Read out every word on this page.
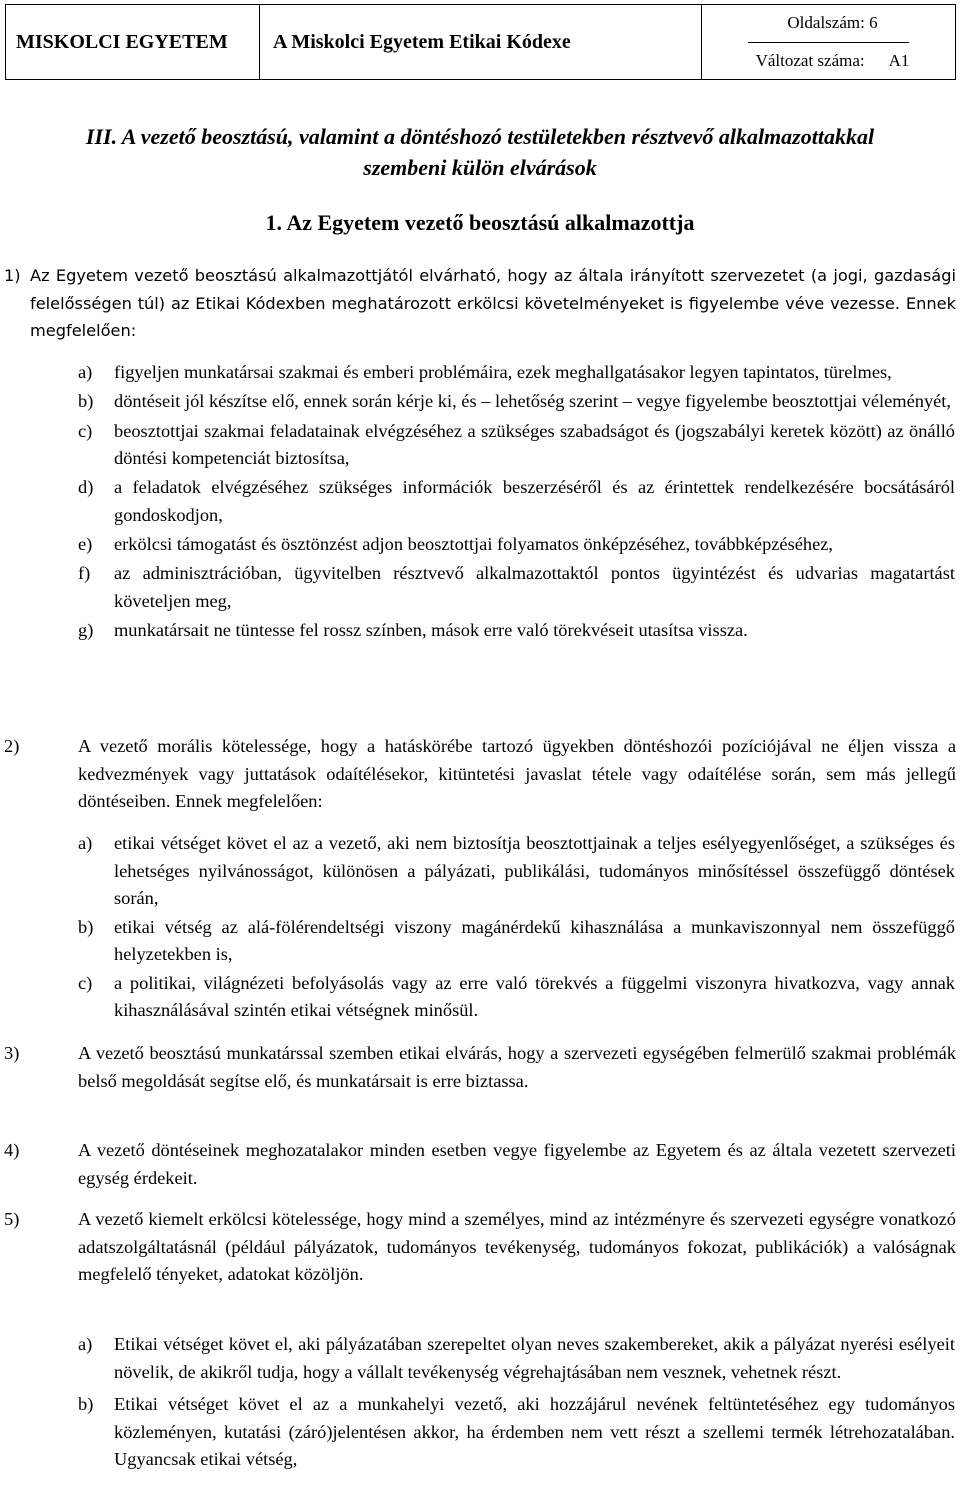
MISKOLCI EGYETEM	A Miskolci Egyetem Etikai Kódexe
Oldalszám: 6
Változat száma: A1
III. A vezető beosztású, valamint a döntéshozó testületekben résztvevő alkalmazottakkal
szembeni külön elvárások
1. Az Egyetem vezető beosztású alkalmazottja
1) Az Egyetem vezető beosztású alkalmazottjától elvárható, hogy az általa irányított szervezetet (a jogi, gazdasági felelősségen túl) az Etikai Kódexben meghatározott erkölcsi követelményeket is figyelembe véve vezesse. Ennek megfelelően:
a) figyeljen munkatársai szakmai és emberi problémáira, ezek meghallgatásakor legyen tapintatos, türelmes,
b) döntéseit jól készítse elő, ennek során kérje ki, és – lehetőség szerint – vegye figyelembe beosztottjai véleményét,
c) beosztottjai szakmai feladatainak elvégzéséhez a szükséges szabadságot és (jogszabályi keretek között) az önálló döntési kompetenciát biztosítsa,
d) a feladatok elvégzéséhez szükséges információk beszerzéséről és az érintettek rendelkezésére bocsátásáról gondoskodjon,
e) erkölcsi támogatást és ösztönzést adjon beosztottjai folyamatos önképzéséhez, továbbképzéséhez,
f) az adminisztrációban, ügyvitelben résztvevő alkalmazottaktól pontos ügyintézést és udvarias magatartást követeljen meg,
g) munkatársait ne tüntesse fel rossz színben, mások erre való törekvéseit utasítsa vissza.
2)	A vezető morális kötelessége, hogy a hatáskörébe tartozó ügyekben döntéshozói pozíciójával ne éljen vissza a kedvezmények vagy juttatások odaítélésekor, kitüntetési javaslat tétele vagy odaítélése során, sem más jellegű döntéseiben. Ennek megfelelően:
a) etikai vétséget követ el az a vezető, aki nem biztosítja beosztottjainak a teljes esélyegyenlőséget, a szükséges és lehetséges nyilvánosságot, különösen a pályázati, publikálási, tudományos minősítéssel összefüggő döntések során,
b) etikai vétség az alá-fölérendeltségi viszony magánérdekű kihasználása a munkaviszonnyal nem összefüggő helyzetekben is,
c) a politikai, világnézeti befolyásolás vagy az erre való törekvés a függelmi viszonyra hivatkozva, vagy annak kihasználásával szintén etikai vétségnek minősül.
3)	A vezető beosztású munkatárssal szemben etikai elvárás, hogy a szervezeti egységében felmerülő szakmai problémák belső megoldását segítse elő, és munkatársait is erre biztassa.
4)	A vezető döntéseinek meghozatalakor minden esetben vegye figyelembe az Egyetem és az általa vezetett szervezeti egység érdekeit.
5)	A vezető kiemelt erkölcsi kötelessége, hogy mind a személyes, mind az intézményre és szervezeti egységre vonatkozó adatszolgáltatásnál (például pályázatok, tudományos tevékenység, tudományos fokozat, publikációk) a valóságnak megfelelő tényeket, adatokat közöljön.
a) Etikai vétséget követ el, aki pályázatában szerepeltet olyan neves szakembereket, akik a pályázat nyerési esélyeit növelik, de akikről tudja, hogy a vállalt tevékenység végrehajtásában nem vesznek, vehetnek részt.
b) Etikai vétséget követ el az a munkahelyi vezető, aki hozzájárul nevének feltüntetéséhez egy tudományos közleményen, kutatási (záró)jelentésen akkor, ha érdemben nem vett részt a szellemi termék létrehozatalában. Ugyancsak etikai vétség,
